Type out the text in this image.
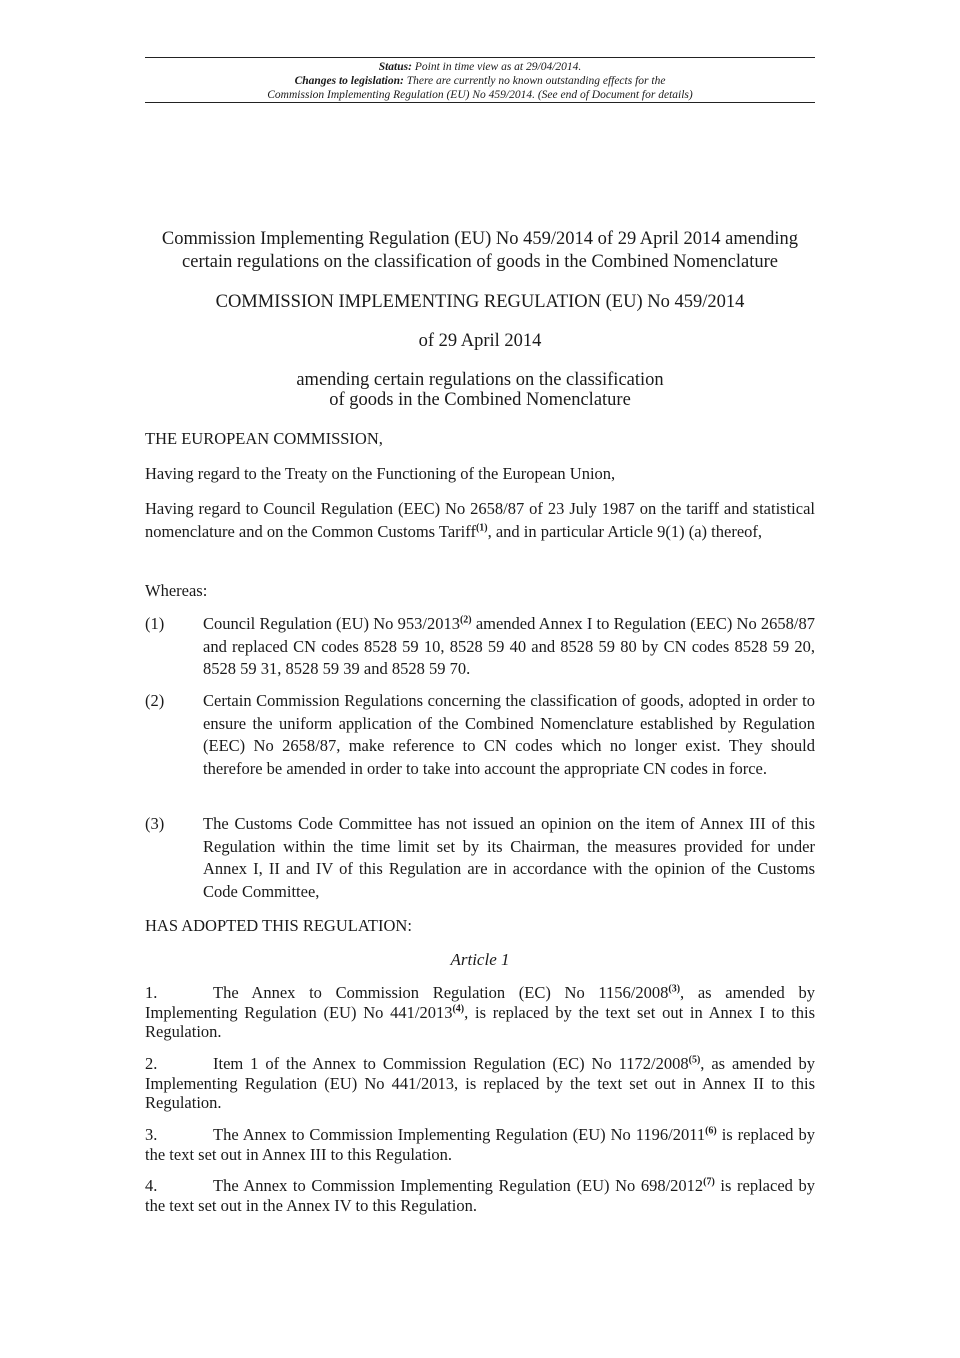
Status: Point in time view as at 29/04/2014.
Changes to legislation: There are currently no known outstanding effects for the
Commission Implementing Regulation (EU) No 459/2014. (See end of Document for details)
Commission Implementing Regulation (EU) No 459/2014 of 29 April 2014 amending
certain regulations on the classification of goods in the Combined Nomenclature
COMMISSION IMPLEMENTING REGULATION (EU) No 459/2014
of 29 April 2014
amending certain regulations on the classification
of goods in the Combined Nomenclature
THE EUROPEAN COMMISSION,
Having regard to the Treaty on the Functioning of the European Union,
Having regard to Council Regulation (EEC) No 2658/87 of 23 July 1987 on the tariff and statistical nomenclature and on the Common Customs Tariff$^{(1)}$, and in particular Article 9(1) (a) thereof,
Whereas:
(1) Council Regulation (EU) No 953/2013$^{(2)}$ amended Annex I to Regulation (EEC) No 2658/87 and replaced CN codes 8528 59 10, 8528 59 40 and 8528 59 80 by CN codes 8528 59 20, 8528 59 31, 8528 59 39 and 8528 59 70.
(2) Certain Commission Regulations concerning the classification of goods, adopted in order to ensure the uniform application of the Combined Nomenclature established by Regulation (EEC) No 2658/87, make reference to CN codes which no longer exist. They should therefore be amended in order to take into account the appropriate CN codes in force.
(3) The Customs Code Committee has not issued an opinion on the item of Annex III of this Regulation within the time limit set by its Chairman, the measures provided for under Annex I, II and IV of this Regulation are in accordance with the opinion of the Customs Code Committee,
HAS ADOPTED THIS REGULATION:
Article 1
1.	The Annex to Commission Regulation (EC) No 1156/2008$^{(3)}$, as amended by Implementing Regulation (EU) No 441/2013$^{(4)}$, is replaced by the text set out in Annex I to this Regulation.
2.	Item 1 of the Annex to Commission Regulation (EC) No 1172/2008$^{(5)}$, as amended by Implementing Regulation (EU) No 441/2013, is replaced by the text set out in Annex II to this Regulation.
3.	The Annex to Commission Implementing Regulation (EU) No 1196/2011$^{(6)}$ is replaced by the text set out in Annex III to this Regulation.
4.	The Annex to Commission Implementing Regulation (EU) No 698/2012$^{(7)}$ is replaced by the text set out in the Annex IV to this Regulation.
